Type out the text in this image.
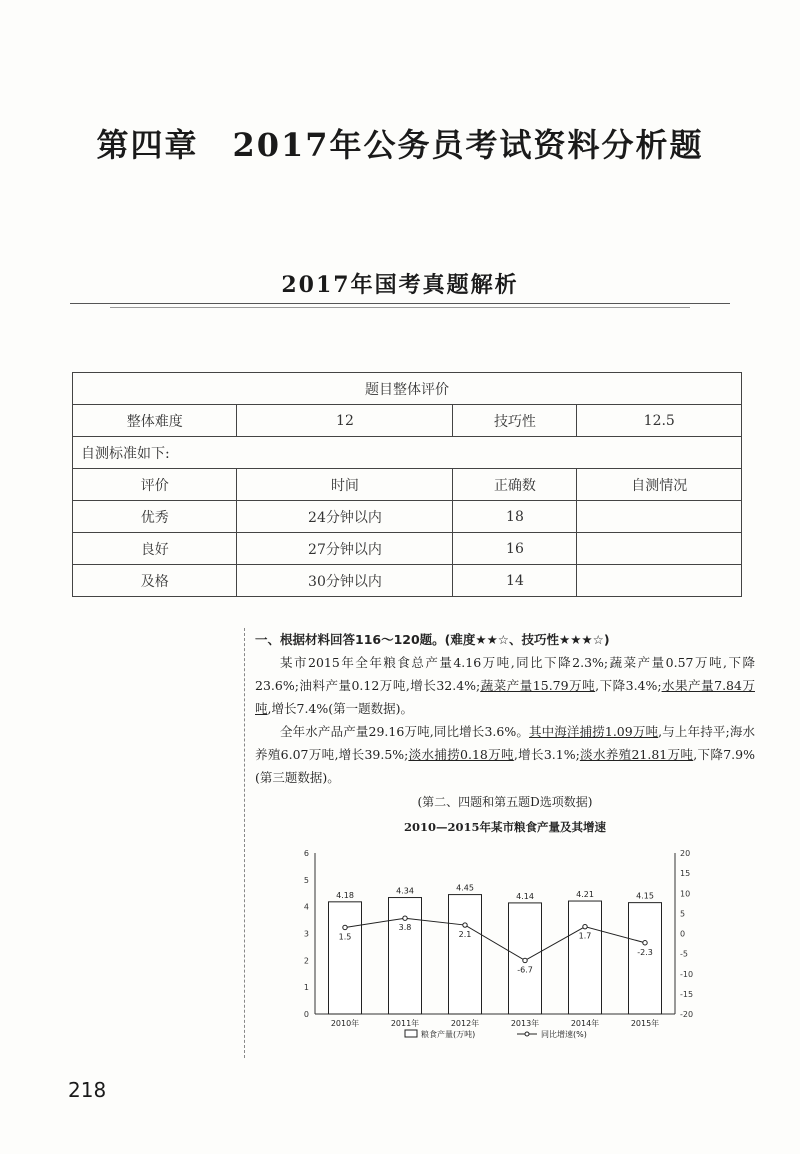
第四章　2017年公务员考试资料分析题
2017年国考真题解析
题目整体评价			
整体难度	12	技巧性	12.5
自测标准如下:			
评价	时间	正确数	自测情况
优秀	24分钟以内	18	
良好	27分钟以内	16	
及格	30分钟以内	14	
一、根据材料回答116～120题。(难度★★☆、技巧性★★★☆)

某市2015年全年粮食总产量4.16万吨,同比下降2.3%;蔬菜产量0.57万吨,下降23.6%;油料产量0.12万吨,增长32.4%;蔬菜产量15.79万吨,下降3.4%;水果产量7.84万吨,增长7.4%(第一题数据)。

全年水产品产量29.16万吨,同比增长3.6%。其中海洋捕捞1.09万吨,与上年持平;海水养殖6.07万吨,增长39.5%;淡水捕捞0.18万吨,增长3.1%;淡水养殖21.81万吨,下降7.9%(第三题数据)。

(第二、四题和第五题D选项数据)
2010—2015年某市粮食产量及其增速
0
1
2
3
4
5
6
-20
-15
-10
-5
0
5
10
15
20
4.18
2010年
4.34
2011年
4.45
2012年
4.14
2013年
4.21
2014年
4.15
2015年
1.5
3.8
2.1
-6.7
1.7
-2.3
粮食产量(万吨)	同比增速(%)
218
